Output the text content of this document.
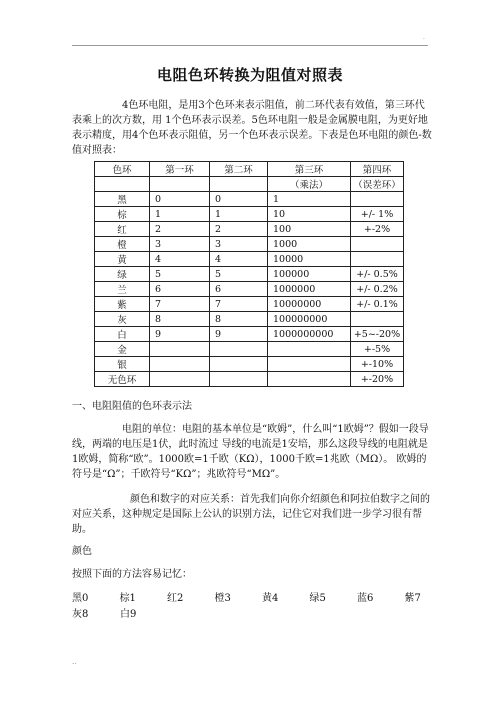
·
电阻色环转换为阻值对照表

4色环电阻，是用3个色环来表示阻值，前二环代表有效值，第三环代表乘上的次方数，用 1个色环表示误差。5色环电阻一般是金属膜电阻，为更好地表示精度，用4个色环表示阻值，另一个色环表示误差。下表是色环电阻的颜色-数值对照表：

色环	第一环	第二环	第三环	第四环
			（乘法）	（误差环）
黑	0	0	1	
棕	1	1	10	+/- 1%
红	2	2	100	+-2%
橙	3	3	1000	
黄	4	4	10000	
绿	5	5	100000	+/- 0.5%
兰	6	6	1000000	+/- 0.2%
紫	7	7	10000000	+/- 0.1%
灰	8	8	100000000	
白	9	9	1000000000	+5~-20%
金				+-5%
银				+-10%
无色环				+-20%

一、电阻阻值的色环表示法

电阻的单位：电阻的基本单位是“欧姆”，什么叫“1欧姆”？假如一段导线，两端的电压是1伏，此时流过 导线的电流是1安培，那么这段导线的电阻就是1欧姆，简称“欧”。1000欧=1千欧（KΩ），1000千欧=1兆欧（MΩ）。 欧姆的符号是“Ω”；千欧符号“KΩ”；兆欧符号“MΩ”。

颜色和数字的对应关系：首先我们向你介绍颜色和阿拉伯数字之间的对应关系，这种规定是国际上公认的识别方法，记住它对我们进一步学习很有帮助。

颜色

按照下面的方法容易记忆：

黑0	棕1	红2	橙3	黄4	绿5	蓝6	紫7
灰8	白9
··
